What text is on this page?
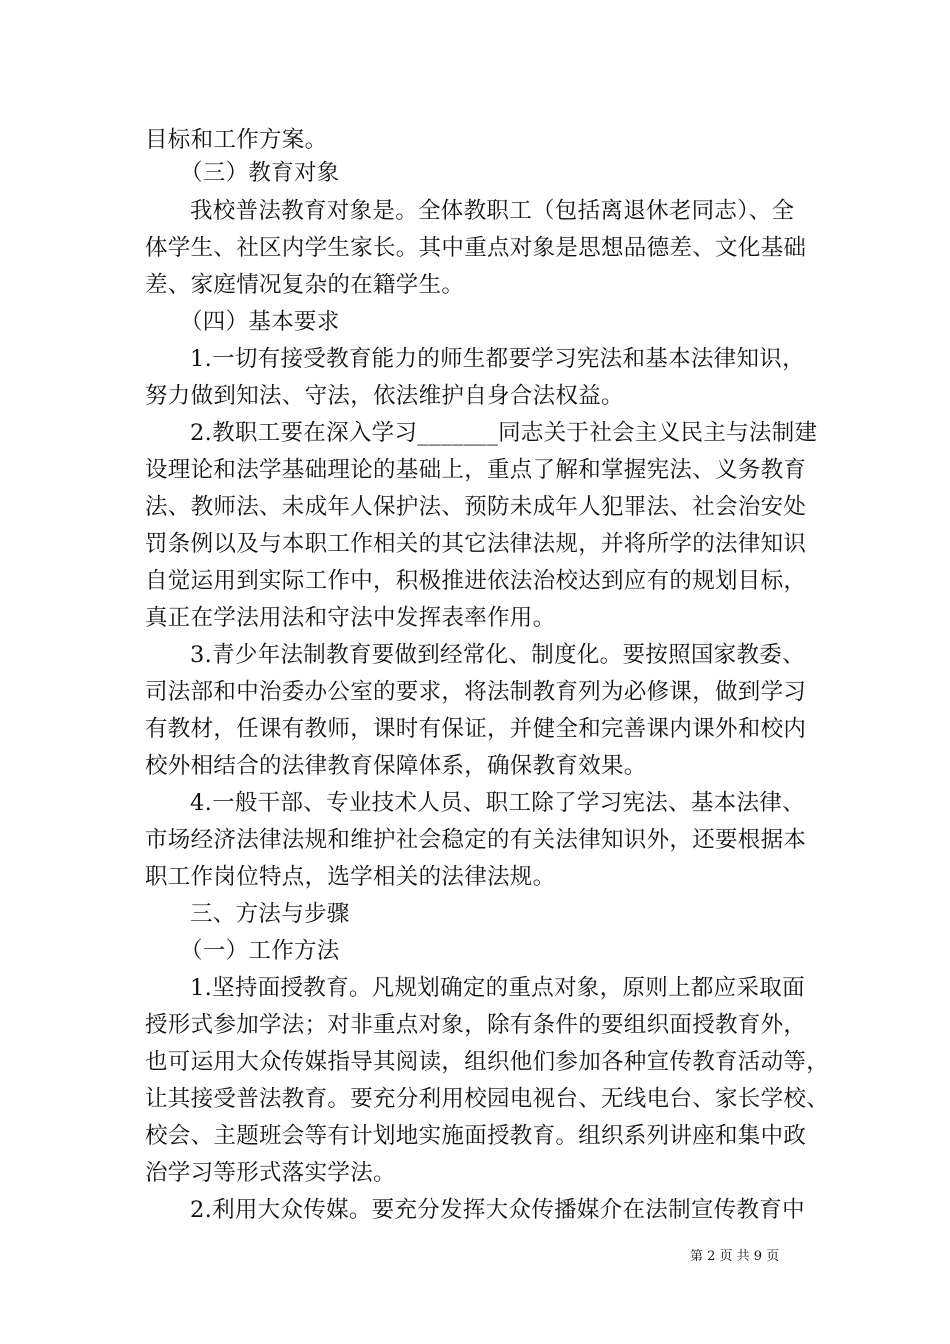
目标和工作方案。
（三）教育对象
我校普法教育对象是。全体教职工（包括离退休老同志）、全
体学生、社区内学生家长。其中重点对象是思想品德差、文化基础
差、家庭情况复杂的在籍学生。
（四）基本要求
1.一切有接受教育能力的师生都要学习宪法和基本法律知识，
努力做到知法、守法，依法维护自身合法权益。
2.教职工要在深入学习_______同志关于社会主义民主与法制建
设理论和法学基础理论的基础上，重点了解和掌握宪法、义务教育
法、教师法、未成年人保护法、预防未成年人犯罪法、社会治安处
罚条例以及与本职工作相关的其它法律法规，并将所学的法律知识
自觉运用到实际工作中，积极推进依法治校达到应有的规划目标，
真正在学法用法和守法中发挥表率作用。
3.青少年法制教育要做到经常化、制度化。要按照国家教委、
司法部和中治委办公室的要求，将法制教育列为必修课，做到学习
有教材，任课有教师，课时有保证，并健全和完善课内课外和校内
校外相结合的法律教育保障体系，确保教育效果。
4.一般干部、专业技术人员、职工除了学习宪法、基本法律、
市场经济法律法规和维护社会稳定的有关法律知识外，还要根据本
职工作岗位特点，选学相关的法律法规。
三、方法与步骤
（一）工作方法
1.坚持面授教育。凡规划确定的重点对象，原则上都应采取面
授形式参加学法；对非重点对象，除有条件的要组织面授教育外，
也可运用大众传媒指导其阅读，组织他们参加各种宣传教育活动等，
让其接受普法教育。要充分利用校园电视台、无线电台、家长学校、
校会、主题班会等有计划地实施面授教育。组织系列讲座和集中政
治学习等形式落实学法。
2.利用大众传媒。要充分发挥大众传播媒介在法制宣传教育中
第 2 页 共 9 页
